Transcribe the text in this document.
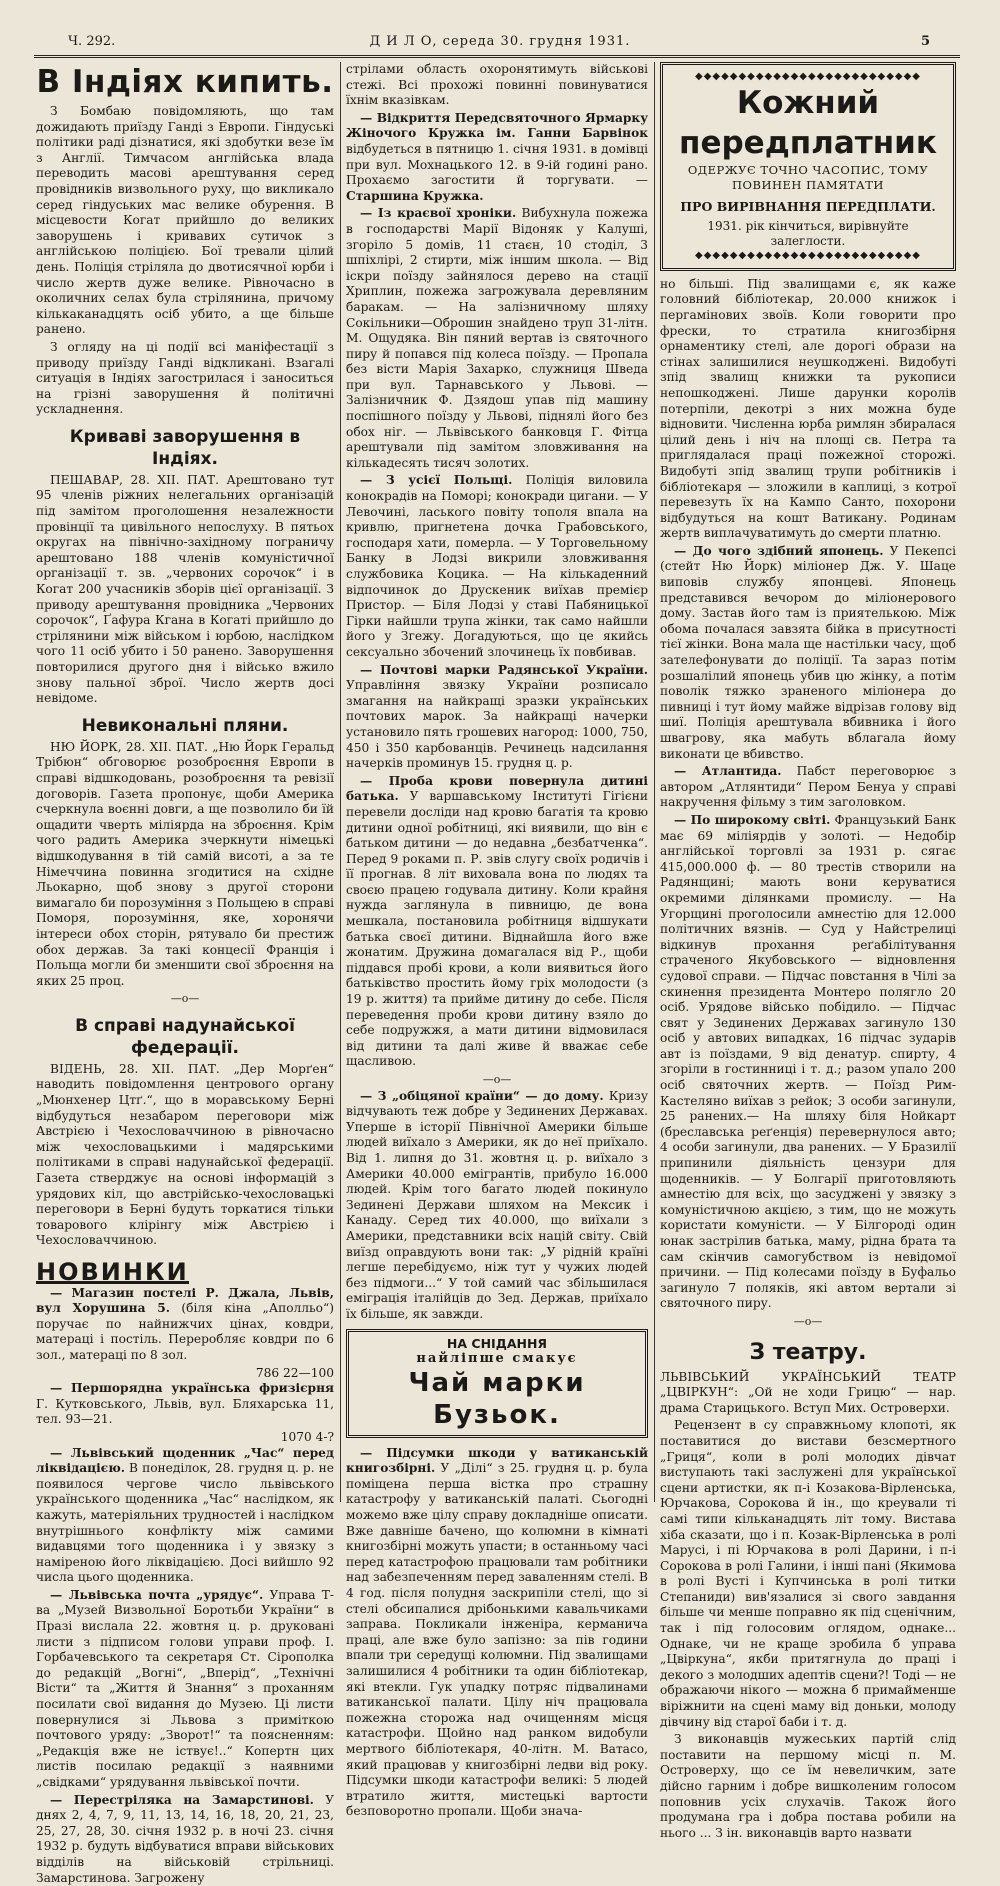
Ч. 292.	Д И Л О, середа 30. грудня 1931.	5
В Індіях кипить.

З Бомбаю повідомляють, що там дожидають приїзду Ганді з Европи. Гіндуські політики раді дізнатися, які здобутки везе їм з Англії. Тимчасом англійська влада переводить масові арештування серед провідників визвольного руху, що викликало серед гіндуських мас велике обурення. В місцевости Когат прийшло до великих заворушень і кривавих сутичок з англійською поліцією. Бої тревали цілий день. Поліція стріляла до двотисячної юрби і число жертв дуже велике. Рівночасно в околичних селах була стрілянина, причому кількаканадцять осіб убито, а ще більше ранено.

З огляду на ці події всі маніфестації з приводу приїзду Ганді відкликані. Взагалі ситуація в Індіях загострилася і заноситься на грізні заворушення й політичні ускладнення.

Криваві заворушення в Індіях.

ПЕШАВАР, 28. XII. ПАТ. Арештовано тут 95 членів ріжних нелегальних організацій під замітом проголошення незалежности провінції та цивільного непослуху. В пятьох округах на північно-західному пограничу арештовано 188 членів комуністичної організації т. зв. „червоних сорочок“ і в Когат 200 учасників зборів цієї організації. З приводу арештування провідника „Червоних сорочок“, Ґафура Кгана в Когаті прийшло до стрілянини між військом і юрбою, наслідком чого 11 осіб убито і 50 ранено. Заворушення повторилися другого дня і військо вжило знову пальної зброї. Число жертв досі невідоме.

Невикональні пляни.

НЮ ЙОРК, 28. XII. ПАТ. „Ню Йорк Геральд Трібюн“ обговорює розоброєння Европи в справі відшкодовань, розоброєння та ревізії договорів. Газета пропонує, щоби Америка счеркнула воєнні довги, а ще позволило би їй ощадити чверть міліярда на зброєння. Крім чого радить Америка зчеркнути німецькі відшкодування в тій самій висоті, а за те Німеччина повинна згодитися на східне Льокарно, щоб знову з другої сторони вимагало би порозуміння з Польщею в справі Поморя, порозуміння, яке, хоронячи інтереси обох сторін, рятувало би престиж обох держав. За такі концесії Франція і Польща могли би зменшити свої зброєння на яких 25 проц.

—о—
В справі надунайської федерації.

ВІДЕНЬ, 28. XII. ПАТ. „Дер Морґен“ наводить повідомлення центрового органу „Мюнхенер Цтґ.“, що в моравському Берні відбудуться незабаром переговори між Австрією і Чехословаччиною в рівночасно між чехословацькими і мадярськими політиками в справі надунайської федерації. Газета стверджує на основі інформацій з урядових кіл, що австрійсько-чехословацькі переговори в Берні будуть торкатися тільки товарового клірінгу між Австрією і Чехословаччиною.

НОВИНКИ

— Магазин постелі Р. Джала, Львів, вул Хорушина 5. (біля кіна „Аполльо“) поручає по найнижчих цінах, ковдри, матераці і постіль. Переробляє ковдри по 6 зол., матераці по 8 зол.

786 22—100

— Першорядна українська фризієрня Г. Кутковського, Львів, вул. Бляхарська 11, тел. 93—21.

1070 4-?

— Львівський щоденник „Час“ перед ліквідацією. В понеділок, 28. грудня ц. р. не появилося чергове число львівського українського щоденника „Час“ наслідком, як кажуть, матеріяльних трудностей і наслідком внутрішнього конфлікту між самими видавцями того щоденника і у звязку з наміреною його ліквідацією. Досі вийшло 92 числа цього щоденника.

— Львівська почта „урядує“. Управа Т-ва „Музей Визвольної Боротьби України“ в Празі вислала 22. жовтня ц. р. друковані листи з підписом голови управи проф. І. Горбачевського та секретаря Ст. Сірополка до редакцій „Вогні“, „Вперід“, „Технічні Вісти“ та „Життя й Знання“ з проханням посилати свої видання до Музею. Ці листи повернулися зі Львова з приміткою почтового уряду: „Зворот!“ та поясненням: „Редакція вже не іствує!..“ Копертн цих листів посилаю редакції з наявними „свідками“ урядування львівської почти.

— Перестріляка на Замарстинові. У днях 2, 4, 7, 9, 11, 13, 14, 16, 18, 20, 21, 23, 25, 27, 28, 30. січня 1932 р. в ночі 23. січня 1932 р. будуть відбуватися вправи військових відділів на військовій стрільниці. Замарстинова. Загрожену

стрілами область охоронятимуть військові стежі. Всі прохожі повинні повинуватися їхнім вказівкам.

— Відкриття Передсвяточного Ярмарку Жіночого Кружка ім. Ганни Барвінок відбудеться в пятницю 1. січня 1931. в домівці при вул. Мохнацького 12. в 9-ій годині рано. Прохаємо загостити й торгувати. — Старшина Кружка.

— Із краєвої хроніки. Вибухнула пожежа в господарстві Марії Відоняк у Калуші, згоріло 5 домів, 11 стаєн, 10 стоділ, 3 шпіхлірі, 2 стирти, між іншим школа. — Від іскри поїзду зайнялося дерево на стації Хриплин, пожежа загрожувала деревляним баракам. — На залізничному шляху Сокільники—Оброшин знайдено труп 31-літн. М. Ощудяка. Він пяний вертав із святочного пиру й попався під колеса поїзду. — Пропала без вісти Марія Захарко, служниця Шведа при вул. Тарнавського у Львові. — Залізничник Ф. Дзядош упав під машину поспішного поїзду у Львові, піднялі його без обох ніг. — Львівського банковця Г. Фітца арештували під замітом зловживання на кількадесять тисяч золотих.

— З усієї Польщі. Поліція виловила конокрадів на Поморі; конокради цигани. — У Левочині, ласького повіту тополя впала на кривлю, пригнетена дочка Грабовського, господаря хати, померла. — У Торговельному Банку в Лодзі викрили зловживання службовика Коцика. — На кількаденний відпочинок до Друскеник виїхав премієр Пристор. — Біля Лодзі у ставі Пабяницької Гірки найшли трупа жінки, так само найшли його у Згежу. Догадуються, що це якийсь сексуально збочений злочинець їх повбивав.

— Почтові марки Радянської України. Управління звязку України розписало змагання на найкращі зразки українських почтових марок. За найкращі начерки установило пять грошевих нагород: 1000, 750, 450 і 350 карбованців. Речинець надсилання начерків проминув 15. грудня ц. р.

— Проба крови повернула дитині батька. У варшавському Інституті Гігієни перевели досліди над кровю багатія та кровю дитини одної робітниці, які виявили, що він є батьком дитини — до недавна „безбатченка“. Перед 9 роками п. Р. звів слугу своїх родичів і її прогнав. 8 літ виховала вона по людях та своєю працею годувала дитину. Коли крайня нужда заглянула в пивницю, де вона мешкала, постановила робітниця відшукати батька своєї дитини. Віднайшла його вже жонатим. Дружина домагалася від Р., щоби піддався пробі крови, а коли виявиться його батьківство простить йому гріх молодости (з 19 р. життя) та прийме дитину до себе. Після переведення проби крови дитину взяло до себе подружжя, а мати дитини відмовилася від дитини та далі живе й вважає себе щасливою.

—о—

— З „обіцяної країни“ — до дому. Кризу відчувають теж добре у Зединених Державах. Уперше в історії Північної Америки більше людей виїхало з Америки, як до неї приїхало. Від 1. липня до 31. жовтня ц. р. виїхало з Америки 40.000 емігрантів, прибуло 16.000 людей. Крім того багато людей покинуло Зединені Держави шляхом на Мексик і Канаду. Серед тих 40.000, що виїхали з Америки, представники всіх націй світу. Свій виїзд оправдують вони так: „У рідній країні легше перебідуємо, ніж тут у чужих людей без підмоги...“ У той самий час збільшилася еміграція італійців до Зед. Держав, приїхало їх більше, як завжди.

НА СНІДАННЯ
найліпше смакує
Чай марки Бузьок.

— Підсумки шкоди у ватиканській книгозбірні. У „Ділі“ з 25. грудня ц. р. була поміщена перша вістка про страшну катастрофу у ватиканській палаті. Сьогодні можемо вже цілу справу докладніше описати. Вже давніше бачено, що колюмни в кімнаті книгозбірні можуть упасти; в останньому часі перед катастрофою працювали там робітники над забезпеченням перед заваленням стелі. В 4 год. після полудня заскрипіли стелі, що зі стелі обсипалися дрібонькими кавальчиками заправа. Покликали інженіра, керманича праці, але вже було запізно: за пів години впали три середущі колюмни. Під звалищами залишилися 4 робітники та один бібліотекар, які втекли. Гук упадку потряс підвалинами ватиканської палати. Цілу ніч працювала пожежна сторожа над очищенням місця катастрофи. Щойно над ранком видобули мертвого бібліотекаря, 40-літн. М. Ватасо, який працював у книгозбірні ледви від року. Підсумки шкоди катастрофи великі: 5 людей втратило життя, мистецькі вартости безповоротно пропали. Щоби знача-

◆◆◆◆◆◆◆◆◆◆◆◆◆◆◆◆◆◆◆◆◆◆◆◆◆◆
Кожний
передплатник
ОДЕРЖУЄ ТОЧНО ЧАСОПИС, ТОМУ ПОВИНЕН ПАМЯТАТИ
ПРО ВИРІВНАННЯ ПЕРЕДПЛАТИ.
1931. рік кінчиться, вирівнуйте залеглости.
◆◆◆◆◆◆◆◆◆◆◆◆◆◆◆◆◆◆◆◆◆◆◆◆◆◆

но більші. Під звалищами є, як каже головний бібліотекар, 20.000 книжок і пергамінових звоїв. Коли говорити про фрески, то стратила книгозбірня орнаментику стелі, але дорогі образи на стінах залишилися неушкоджені. Видобуті зпід звалищ книжки та рукописи непошкоджені. Лише дарунки королів потерпіли, декотрі з них можна буде відновити. Численна юрба римлян збиралася цілий день і ніч на площі св. Петра та приглядалася праці пожежної сторожі. Видобуті зпід звалищ трупи робітників і бібліотекаря — зложили в каплиці, з котрої перевезуть їх на Кампо Санто, похорони відбудуться на кошт Ватикану. Родинам жертв виплачуватимуть до смерти платню.

— До чого здібний японець. У Пекепсі (стейт Ню Йорк) міліонер Дж. У. Шаце виповів службу японцеві. Японець представився вечором до міліонерового дому. Застав його там із приятелькою. Між обома почалася завзята бійка в присутності тієї жінки. Вона мала ще настільки часу, щоб зателефонувати до поліції. Та зараз потім розшалілий японець убив цю жінку, а потім поволік тяжко зраненого міліонера до пивниці і тут йому майже відрізав голову від шиї. Поліція арештувала вбивника і його швагрову, яка мабуть вблагала йому виконати це вбивство.

— Атлантида. Пабст переговорює з автором „Атлянтиди“ Пером Бенуа у справі накручення фільму з тим заголовком.

— По широкому світі. Французький Банк має 69 міліярдів у золоті. — Недобір англійської торговлі за 1931 р. сягає 415,000.000 ф. — 80 трестів створили на Радянщині; мають вони керуватися окремими ділянками промислу. — На Угорщині проголосили амнестію для 12.000 політичних вязнів. — Суд у Найстрелиці відкинув прохання реґабілітування страченого Якубовського — відновлення судової справи. — Підчас повстання в Чілі за скинення президента Монтеро полягло 20 осіб. Урядове військо побідило. — Підчас свят у Зединених Державах загинуло 130 осіб у автових випадках, 16 підчас зударів авт із поїздами, 9 від денатур. спирту, 4 згоріли в гостинниці і т. д.; разом упало 200 осіб святочних жертв. — Поїзд Рим-Кастеляно виїхав з рейок; 3 особи загинули, 25 ранених.— На шляху біля Нойкарт (бреславська реґенція) перевернулося авто; 4 особи загинули, два ранених. — У Бразилії припинили діяльність цензури для щоденників. — У Болгарії приготовляють амнестію для всіх, що засуджені у звязку з комуністичною акцією, з тим, що не можуть користати комуністи. — У Білгороді один юнак застрілив батька, маму, рідна брата та сам скінчив самогубством із невідомої причини. — Під колесами поїзду в Буфальо загинуло 7 поляків, які автом вертали зі святочного пиру.

—о—
З театру.

ЛЬВІВСЬКИЙ УКРАЇНСЬКИЙ ТЕАТР „ЦВІРКУН“: „Ой не ходи Грицю“ — нар. драма Старицького. Вступ Мих. Островерхи.

Рецензент в су справжньому клопоті, як поставитися до вистави безсмертного „Гриця“, коли в ролі молодих дівчат виступають такі заслужені для української сцени артистки, як п-і Козакова-Вірленська, Юрчакова, Сорокова й ін., що креували ті самі типи кільканадцять літ тому. Вистава хіба сказати, що і п. Козак-Вірленська в ролі Марусі, і пі Юрчакова в ролі Дарини, і п-і Сорокова в ролі Галини, і інші пані (Якимова в ролі Вусті і Купчинська в ролі титки Степаниди) вив'язалися зі свого завдання більше чи менше поправно як під сценічним, так і під голосовим оглядом, однаке... Однаке, чи не краще зробила б управа „Цвіркуна“, якби притягнула до праці і декого з молодших адептів сцени?! Тоді — не ображаючи нікого — можна б примайменше віріжнити на сцені маму від доньки, молоду дівчину від старої баби і т. д.

З виконавців мужеських партій слід поставити на першому місці п. М. Островерху, що се їм невеличким, зате дійсно гарним і добре вишколеним голосом поповнив усіх слухачів. Також його продумана гра і добра постава робили на нього ... З ін. виконавців варто назвати
